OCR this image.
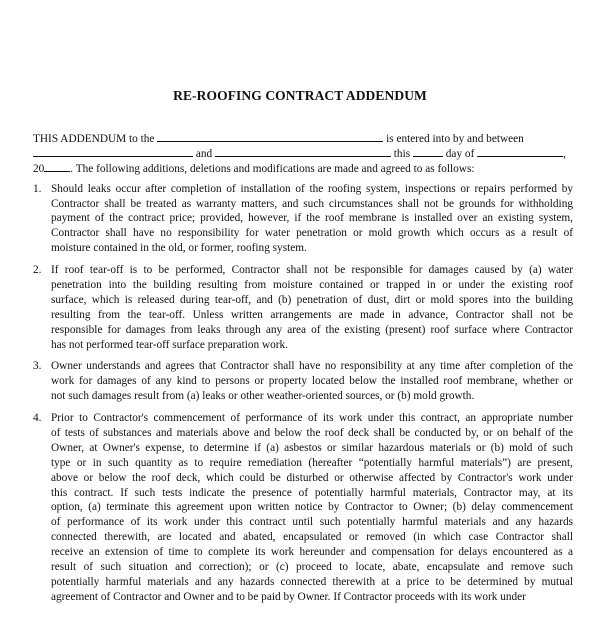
RE-ROOFING CONTRACT ADDENDUM
THIS ADDENDUM to the	is entered into by and between
and	this	day of	,
20 . The following additions, deletions and modifications are made and agreed to as follows:
1. Should leaks occur after completion of installation of the roofing system, inspections or repairs performed by
Contractor shall be treated as warranty matters, and such circumstances shall not be grounds for withholding
payment of the contract price; provided, however, if the roof membrane is installed over an existing system,
Contractor shall have no responsibility for water penetration or mold growth which occurs as a result of
moisture contained in the old, or former, roofing system.
2. If roof tear-off is to be performed, Contractor shall not be responsible for damages caused by (a) water
penetration into the building resulting from moisture contained or trapped in or under the existing roof
surface, which is released during tear-off, and (b) penetration of dust, dirt or mold spores into the building
resulting from the tear-off. Unless written arrangements are made in advance, Contractor shall not be
responsible for damages from leaks through any area of the existing (present) roof surface where Contractor
has not performed tear-off surface preparation work.
3. Owner understands and agrees that Contractor shall have no responsibility at any time after completion of the
work for damages of any kind to persons or property located below the installed roof membrane, whether or
not such damages result from (a) leaks or other weather-oriented sources, or (b) mold growth.
4. Prior to Contractor's commencement of performance of its work under this contract, an appropriate number
of tests of substances and materials above and below the roof deck shall be conducted by, or on behalf of the
Owner, at Owner's expense, to determine if (a) asbestos or similar hazardous materials or (b) mold of such
type or in such quantity as to require remediation (hereafter “potentially harmful materials”) are present,
above or below the roof deck, which could be disturbed or otherwise affected by Contractor's work under
this contract. If such tests indicate the presence of potentially harmful materials, Contractor may, at its
option, (a) terminate this agreement upon written notice by Contractor to Owner; (b) delay commencement
of performance of its work under this contract until such potentially harmful materials and any hazards
connected therewith, are located and abated, encapsulated or removed (in which case Contractor shall
receive an extension of time to complete its work hereunder and compensation for delays encountered as a
result of such situation and correction); or (c) proceed to locate, abate, encapsulate and remove such
potentially harmful materials and any hazards connected therewith at a price to be determined by mutual
agreement of Contractor and Owner and to be paid by Owner. If Contractor proceeds with its work under
